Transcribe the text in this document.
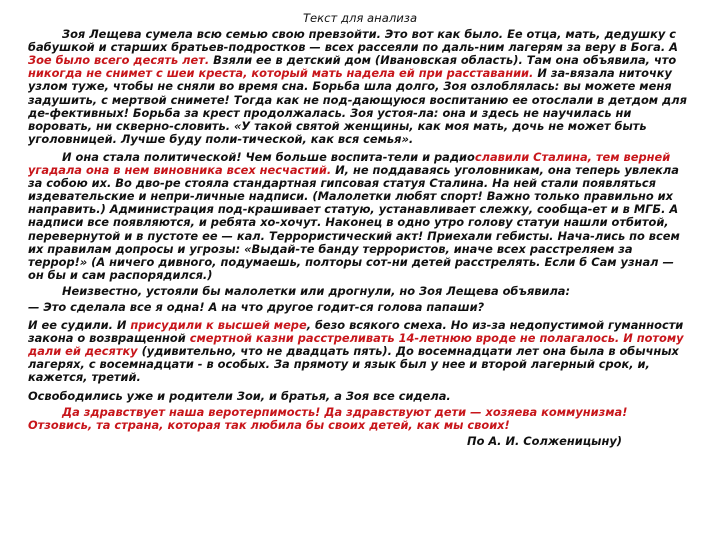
Текст для анализа

Зоя Лещева сумела всю семью свою превзойти. Это вот как было. Ее отца, мать, дедушку с бабушкой и старших братьев-подростков — всех рассеяли по даль-ним лагерям за веру в Бога. А Зое было всего десять лет. Взяли ее в детский дом (Ивановская область). Там она объявила, что никогда не снимет с шеи креста, который мать надела ей при расставании. И за-вязала ниточку узлом туже, чтобы не сняли во время сна. Борьба шла долго, Зоя озлоблялась: вы можете меня задушить, с мертвой снимете! Тогда как не под-дающуюся воспитанию ее отослали в детдом для де-фективных! Борьба за крест продолжалась. Зоя устоя-ла: она и здесь не научилась ни воровать, ни скверно-словить. «У такой святой женщины, как моя мать, дочь не может быть уголовницей. Лучше буду поли-тической, как вся семья».

И она стала политической! Чем больше воспита-тели и радиославили Сталина, тем верней угадала она в нем виновника всех несчастий. И, не поддаваясь уголовникам, она теперь увлекла за собою их. Во дво-ре стояла стандартная гипсовая статуя Сталина. На ней стали появляться издевательские и непри-личные надписи. (Малолетки любят спорт! Важно только правильно их направить.) Администрация под-крашивает статую, устанавливает слежку, сообща-ет и в МГБ. А надписи все появляются, и ребята хо-хочут. Наконец в одно утро голову статуи нашли отбитой, перевернутой и в пустоте ее — кал. Террористический акт! Приехали гебисты. Нача-лись по всем их правилам допросы и угрозы: «Выдай-те банду террористов, иначе всех расстреляем за террор!» (А ничего дивного, подумаешь, полторы сот-ни детей расстрелять. Если б Сам узнал — он бы и сам распорядился.)

Неизвестно, устояли бы малолетки или дрогнули, но Зоя Лещева объявила:

— Это сделала все я одна! А на что другое годит-ся голова папаши?

И ее судили. И присудили к высшей мере, безо всякого смеха. Но из-за недопустимой гуманности закона о возвращенной смертной казни расстреливать 14-летнюю вроде не полагалось. И потому дали ей десятку (удивительно, что не двадцать пять). До восемнадцати лет она была в обычных лагерях, с восемнадцати - в особых. За прямоту и язык был у нее и второй лагерный срок, и, кажется, третий.

Освободились уже и родители Зои, и братья, а Зоя все сидела.

Да здравствует наша веротерпимость! Да здравствуют дети — хозяева коммунизма! Отзовись, та страна, которая так любила бы своих детей, как мы своих!

По А. И. Солженицыну)
